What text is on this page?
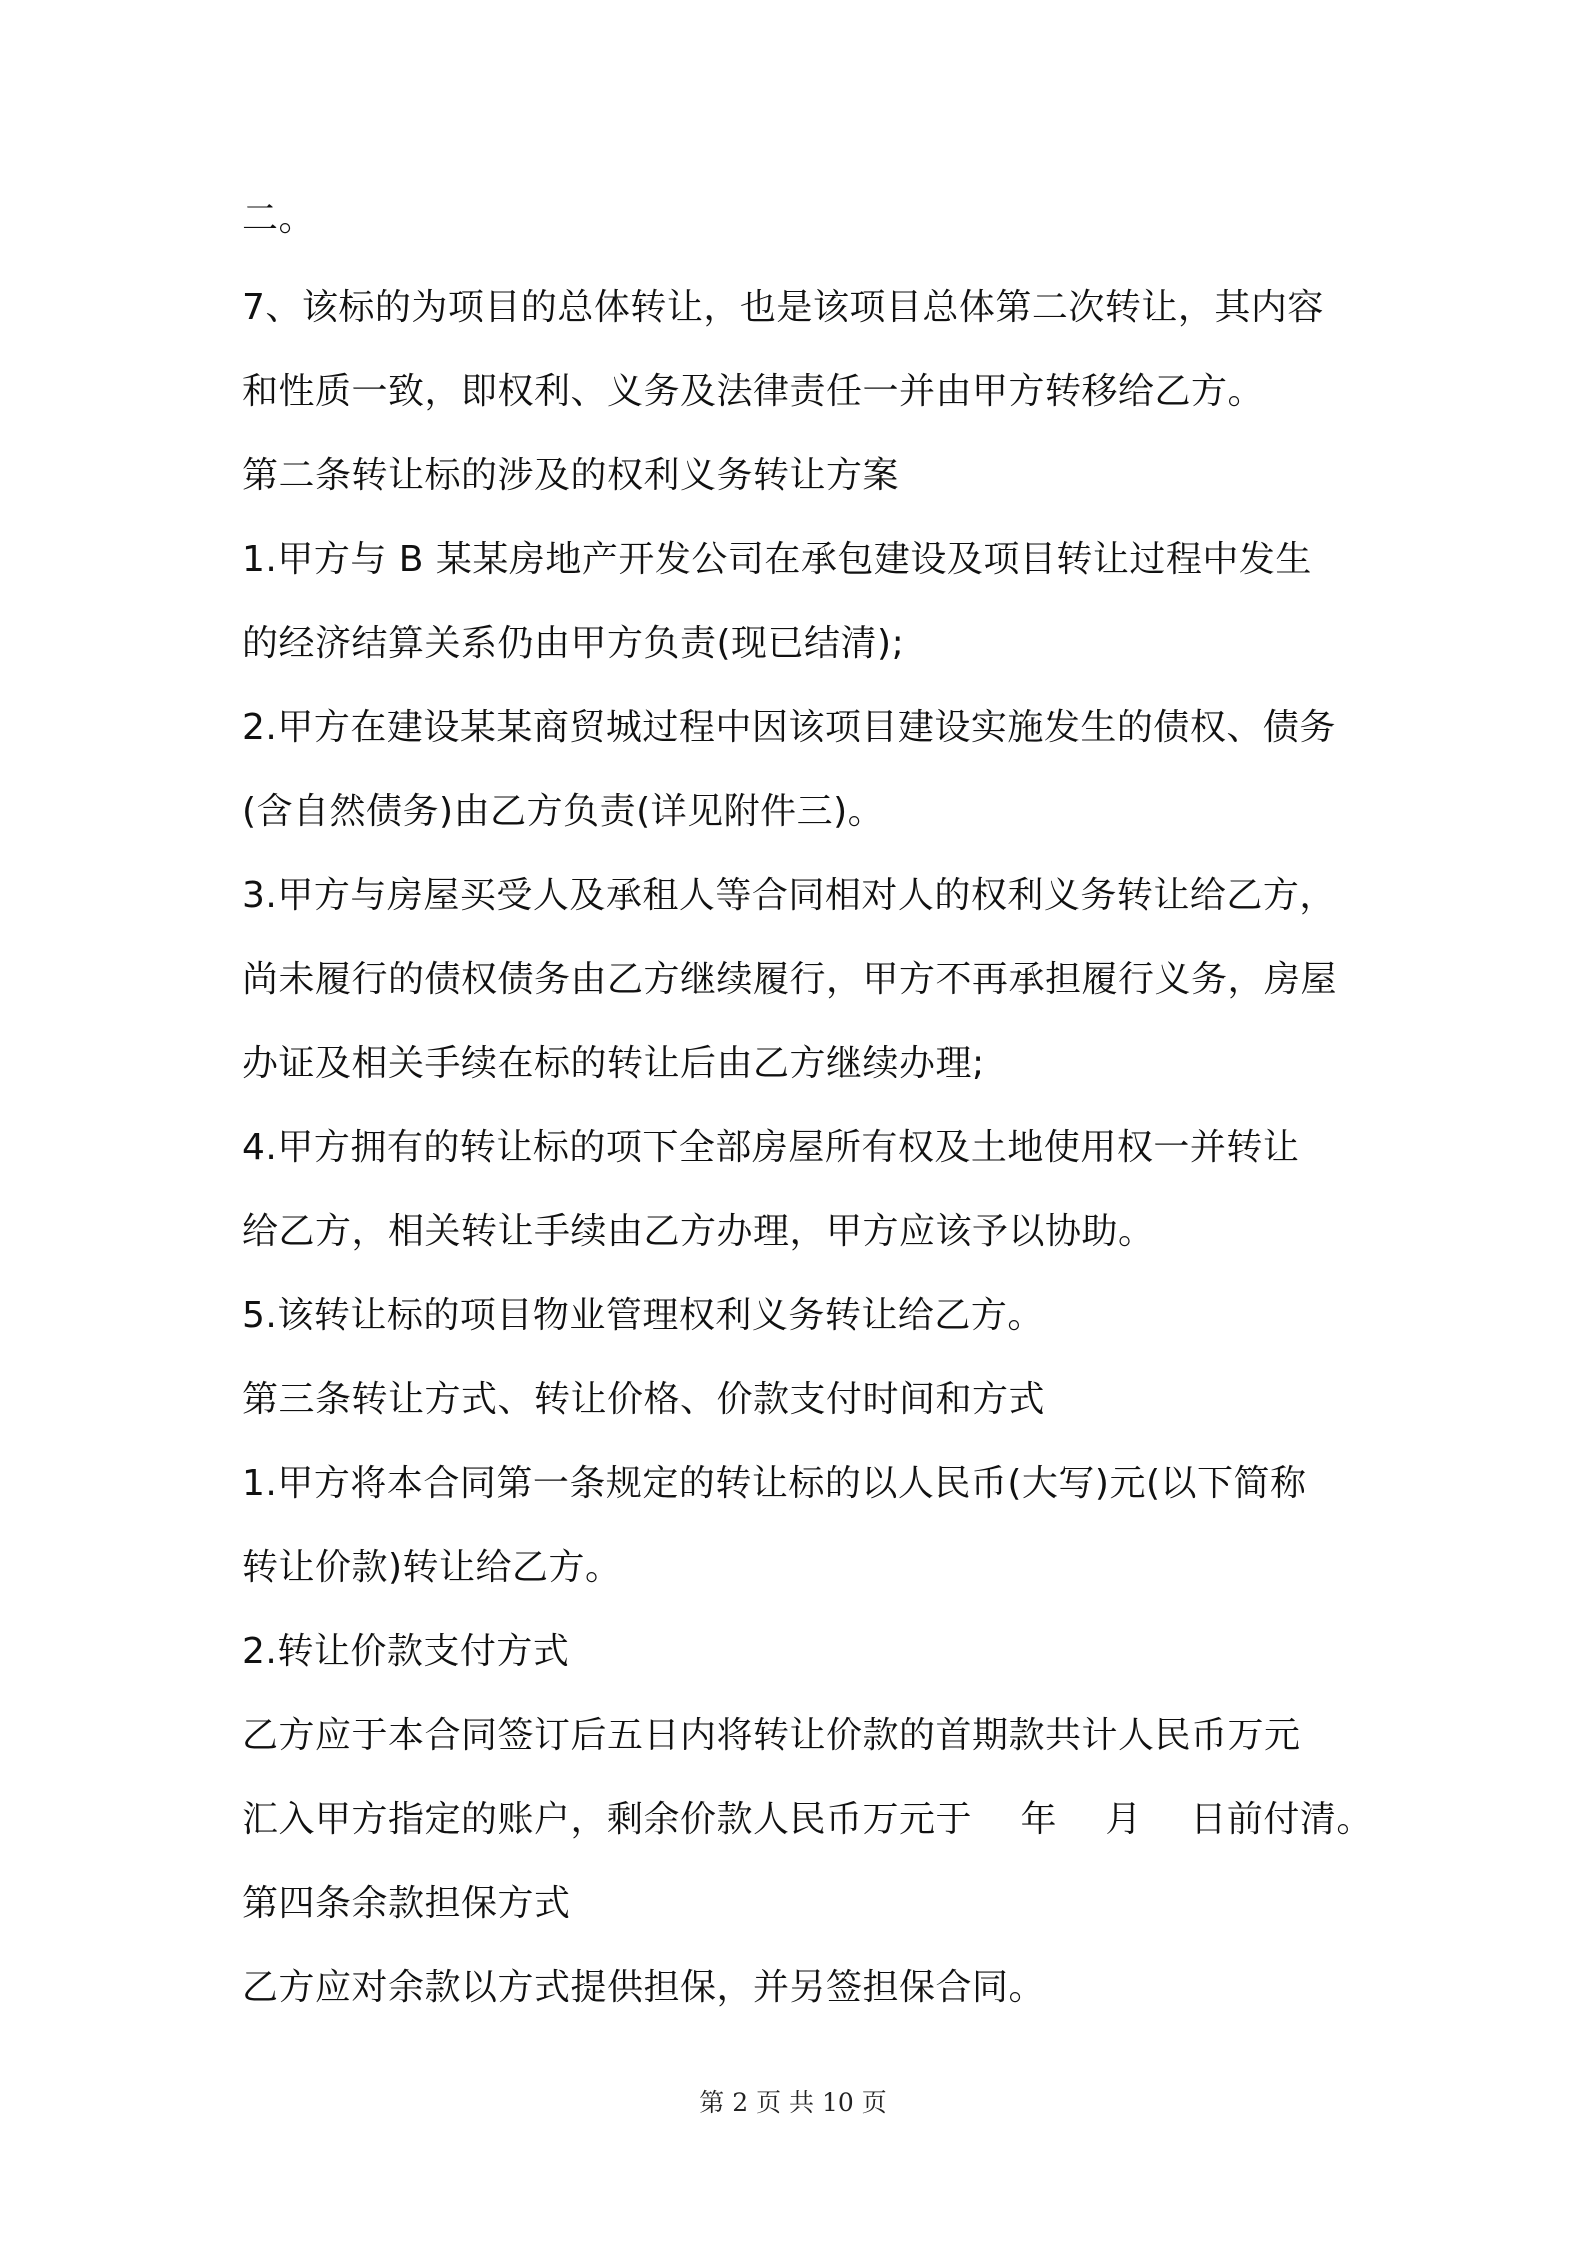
二。
7、该标的为项目的总体转让，也是该项目总体第二次转让，其内容
和性质一致，即权利、义务及法律责任一并由甲方转移给乙方。
第二条转让标的涉及的权利义务转让方案
1.甲方与 B 某某房地产开发公司在承包建设及项目转让过程中发生
的经济结算关系仍由甲方负责(现已结清);
2.甲方在建设某某商贸城过程中因该项目建设实施发生的债权、债务
(含自然债务)由乙方负责(详见附件三)。
3.甲方与房屋买受人及承租人等合同相对人的权利义务转让给乙方，
尚未履行的债权债务由乙方继续履行，甲方不再承担履行义务，房屋
办证及相关手续在标的转让后由乙方继续办理;
4.甲方拥有的转让标的项下全部房屋所有权及土地使用权一并转让
给乙方，相关转让手续由乙方办理，甲方应该予以协助。
5.该转让标的项目物业管理权利义务转让给乙方。
第三条转让方式、转让价格、价款支付时间和方式
1.甲方将本合同第一条规定的转让标的以人民币(大写)元(以下简称
转让价款)转让给乙方。
2.转让价款支付方式
乙方应于本合同签订后五日内将转让价款的首期款共计人民币万元
汇入甲方指定的账户，剩余价款人民币万元于　 年　 月　 日前付清。
第四条余款担保方式
乙方应对余款以方式提供担保，并另签担保合同。
第 2 页 共 10 页
